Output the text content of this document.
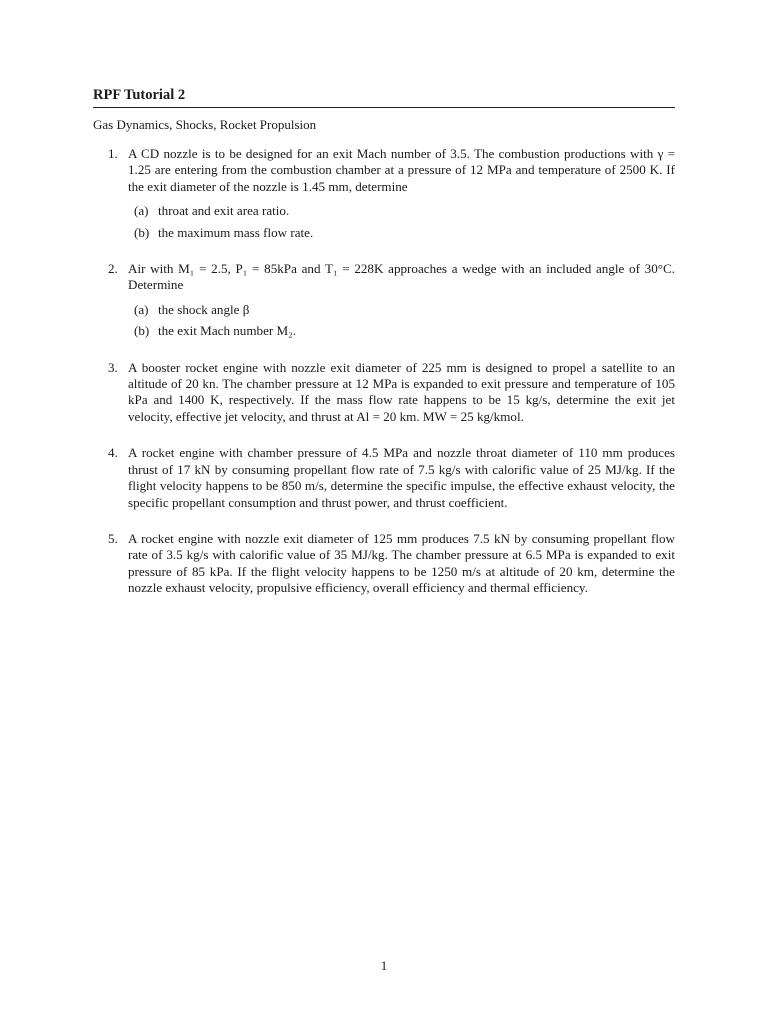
RPF Tutorial 2
Gas Dynamics, Shocks, Rocket Propulsion
1. A CD nozzle is to be designed for an exit Mach number of 3.5. The combustion productions with γ = 1.25 are entering from the combustion chamber at a pressure of 12 MPa and temperature of 2500 K. If the exit diameter of the nozzle is 1.45 mm, determine
(a) throat and exit area ratio.
(b) the maximum mass flow rate.
2. Air with M₁ = 2.5, P₁ = 85kPa and T₁ = 228K approaches a wedge with an included angle of 30°C. Determine
(a) the shock angle β
(b) the exit Mach number M₂.
3. A booster rocket engine with nozzle exit diameter of 225 mm is designed to propel a satellite to an altitude of 20 kn. The chamber pressure at 12 MPa is expanded to exit pressure and temperature of 105 kPa and 1400 K, respectively. If the mass flow rate happens to be 15 kg/s, determine the exit jet velocity, effective jet velocity, and thrust at Al = 20 km. MW = 25 kg/kmol.
4. A rocket engine with chamber pressure of 4.5 MPa and nozzle throat diameter of 110 mm produces thrust of 17 kN by consuming propellant flow rate of 7.5 kg/s with calorific value of 25 MJ/kg. If the flight velocity happens to be 850 m/s, determine the specific impulse, the effective exhaust velocity, the specific propellant consumption and thrust power, and thrust coefficient.
5. A rocket engine with nozzle exit diameter of 125 mm produces 7.5 kN by consuming propellant flow rate of 3.5 kg/s with calorific value of 35 MJ/kg. The chamber pressure at 6.5 MPa is expanded to exit pressure of 85 kPa. If the flight velocity happens to be 1250 m/s at altitude of 20 km, determine the nozzle exhaust velocity, propulsive efficiency, overall efficiency and thermal efficiency.
1
